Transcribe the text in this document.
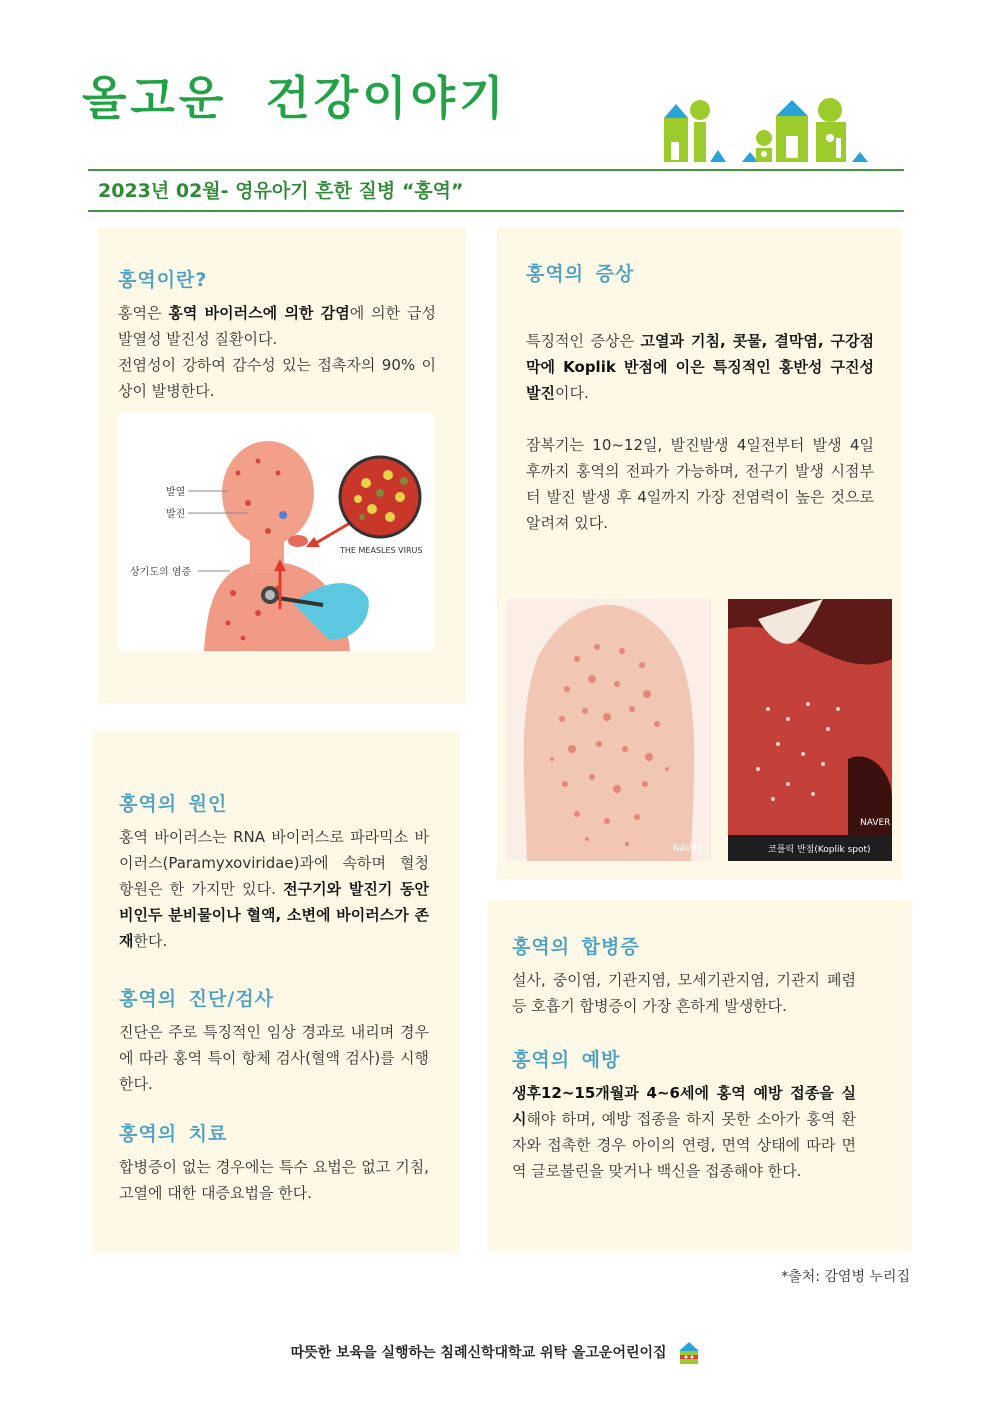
올고운 건강이야기
2023년 02월- 영유아기 흔한 질병 “홍역”
홍역이란?

홍역은 홍역 바이러스에 의한 감염에 의한 급성 발열성 발진성 질환이다.

전염성이 강하여 감수성 있는 접촉자의 90% 이상이 발병한다.

발열
발진
상기도의 염증
THE MEASLES VIRUS
홍역의 증상

특징적인 증상은 고열과 기침, 콧물, 결막염, 구강점막에 Koplik 반점에 이은 특징적인 홍반성 구진성 발진이다.

잠복기는 10~12일, 발진발생 4일전부터 발생 4일 후까지 홍역의 전파가 가능하며, 전구기 발생 시점부터 발진 발생 후 4일까지 가장 전염력이 높은 것으로 알려져 있다.

NAVER
NAVER
코플릭 반점(Koplik spot)
홍역의 원인

홍역 바이러스는 RNA 바이러스로 파라믹소 바이러스(Paramyxoviridae)과에 속하며 혈청 항원은 한 가지만 있다. 전구기와 발진기 동안 비인두 분비물이나 혈액, 소변에 바이러스가 존재한다.

홍역의 진단/검사

진단은 주로 특징적인 임상 경과로 내리며 경우에 따라 홍역 특이 항체 검사(혈액 검사)를 시행한다.

홍역의 치료

합병증이 없는 경우에는 특수 요법은 없고 기침, 고열에 대한 대증요법을 한다.

홍역의 합병증

설사, 중이염, 기관지염, 모세기관지염, 기관지 폐렴 등 호흡기 합병증이 가장 흔하게 발생한다.

홍역의 예방

생후12~15개월과 4~6세에 홍역 예방 접종을 실시해야 하며, 예방 접종을 하지 못한 소아가 홍역 환자와 접촉한 경우 아이의 연령, 면역 상태에 따라 면역 글로불린을 맞거나 백신을 접종해야 한다.

*출처: 감염병 누리집
따뜻한 보육을 실행하는 침례신학대학교 위탁 올고운어린이집
